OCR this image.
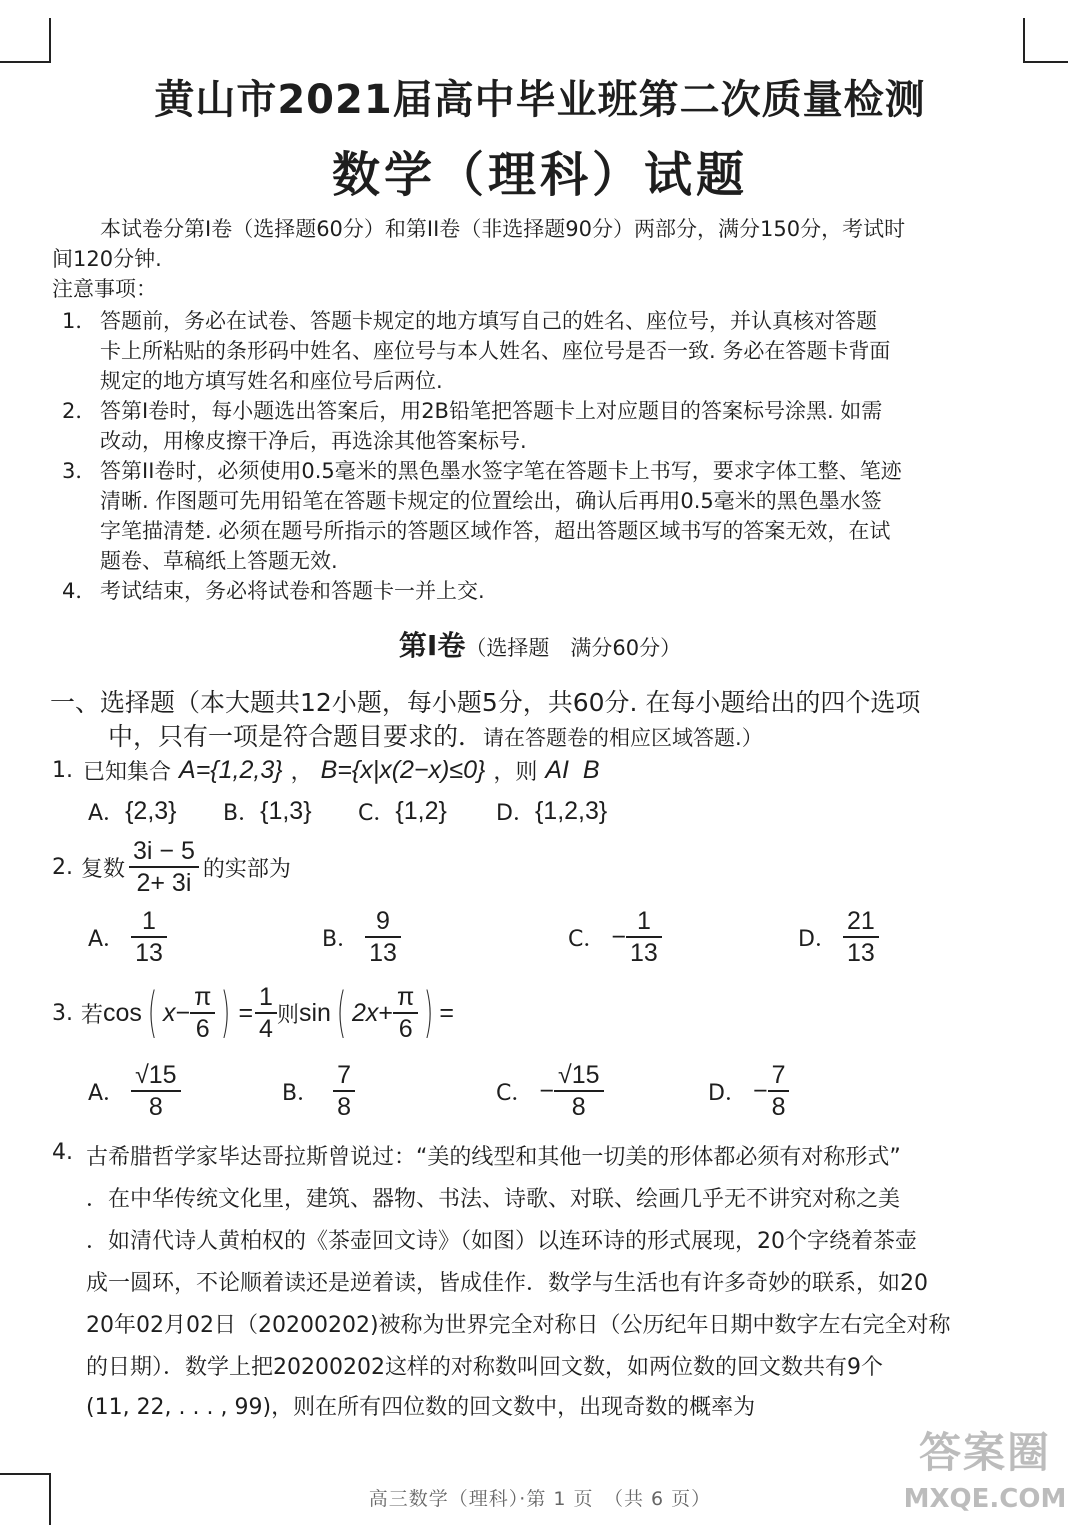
黄山市2021届高中毕业班第二次质量检测
数学（理科）试题
本试卷分第I卷（选择题60分）和第II卷（非选择题90分）两部分，满分150分，考试时
间120分钟.
注意事项：
1． 答题前，务必在试卷、答题卡规定的地方填写自己的姓名、座位号，并认真核对答题
卡上所粘贴的条形码中姓名、座位号与本人姓名、座位号是否一致. 务必在答题卡背面
规定的地方填写姓名和座位号后两位.
2． 答第I卷时，每小题选出答案后，用2B铅笔把答题卡上对应题目的答案标号涂黑. 如需
改动，用橡皮擦干净后，再选涂其他答案标号.
3． 答第II卷时，必须使用0.5毫米的黑色墨水签字笔在答题卡上书写，要求字体工整、笔迹
清晰. 作图题可先用铅笔在答题卡规定的位置绘出，确认后再用0.5毫米的黑色墨水签
字笔描清楚. 必须在题号所指示的答题区域作答，超出答题区域书写的答案无效，在试
题卷、草稿纸上答题无效.
4． 考试结束，务必将试卷和答题卡一并上交.
第I卷（选择题　满分60分）
一、选择题（本大题共12小题，每小题5分，共60分. 在每小题给出的四个选项
中，只有一项是符合题目要求的．请在答题卷的相应区域答题.）
1. 已知集合 A={1,2,3} ， B={x|x(2−x)≤0} ，则 AI  B
A． {2,3} B． {1,3} C． {1,2} D． {1,2,3}
2. 复数 $\frac{3i - 5}{2+ 3i}$ 的实部为
A． $\frac{1}{13}$	B． $\frac{9}{13}$	C． − $\frac{1}{13}$	D． $\frac{21}{13}$
3. 若 cos ( $x - \frac{\pi}{6}$ ) = $\frac{1}{4}$ 则 sin ( $2x + \frac{\pi}{6}$ ) =
A． $\frac{√15}{8}$	B． $\frac{7}{8}$	C． − $\frac{√15}{8}$	D． − $\frac{7}{8}$
4. 古希腊哲学家毕达哥拉斯曾说过：“美的线型和其他一切美的形体都必须有对称形式”
．在中华传统文化里，建筑、器物、书法、诗歌、对联、绘画几乎无不讲究对称之美
．如清代诗人黄柏权的《茶壶回文诗》（如图）以连环诗的形式展现，20个字绕着茶壶
成一圆环，不论顺着读还是逆着读，皆成佳作．数学与生活也有许多奇妙的联系，如20
20年02月02日（20200202)被称为世界完全对称日（公历纪年日期中数字左右完全对称
的日期）．数学上把20200202这样的对称数叫回文数，如两位数的回文数共有9个
(11, 22, . . . , 99)，则在所有四位数的回文数中，出现奇数的概率为
高三数学（理科）·第 1 页　（共 6 页）
答案圈
MXQE.COM
